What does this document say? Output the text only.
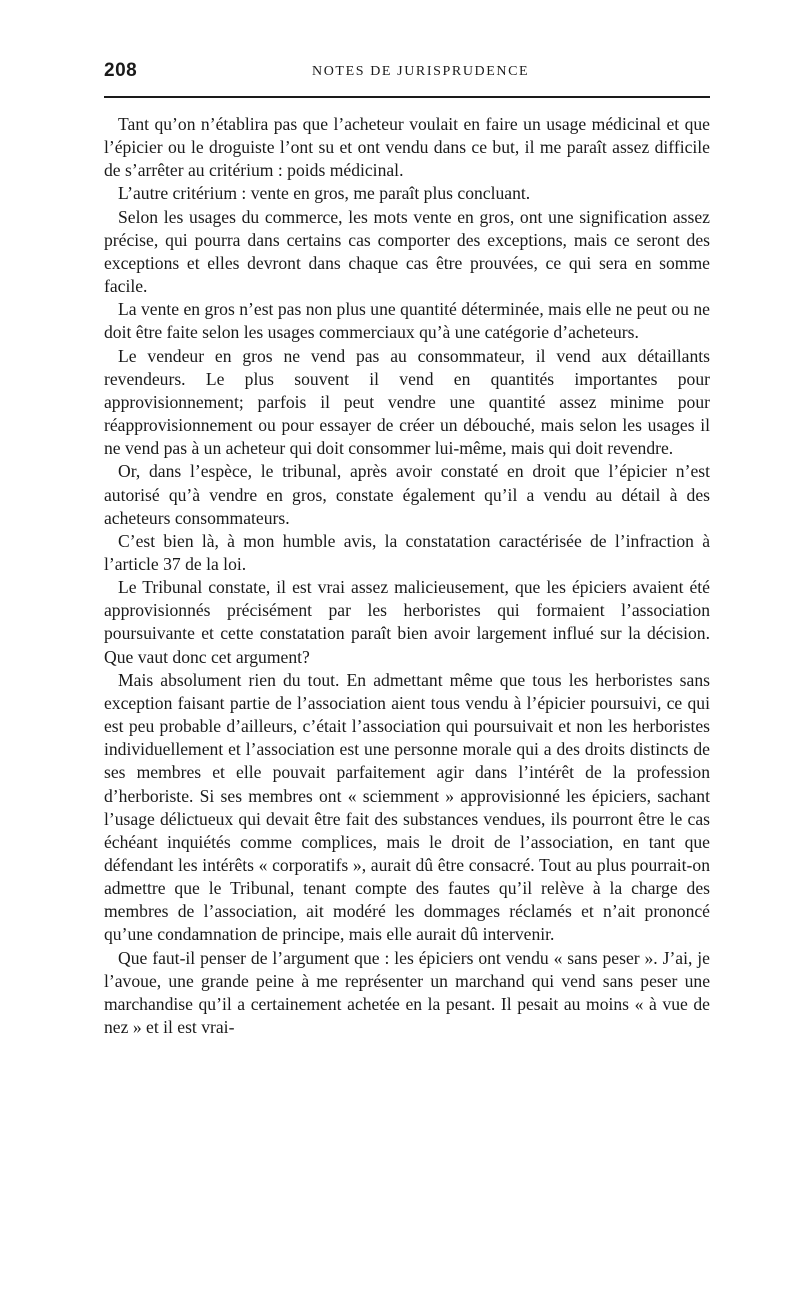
208	NOTES DE JURISPRUDENCE

Tant qu’on n’établira pas que l’acheteur voulait en faire un usage médicinal et que l’épicier ou le droguiste l’ont su et ont vendu dans ce but, il me paraît assez difficile de s’arrêter au critérium : poids médicinal.

L’autre critérium : vente en gros, me paraît plus concluant.

Selon les usages du commerce, les mots vente en gros, ont une signification assez précise, qui pourra dans certains cas comporter des exceptions, mais ce seront des exceptions et elles devront dans chaque cas être prouvées, ce qui sera en somme facile.

La vente en gros n’est pas non plus une quantité déterminée, mais elle ne peut ou ne doit être faite selon les usages commerciaux qu’à une catégorie d’acheteurs.

Le vendeur en gros ne vend pas au consommateur, il vend aux détaillants revendeurs. Le plus souvent il vend en quantités importantes pour approvisionnement; parfois il peut vendre une quantité assez minime pour réapprovisionnement ou pour essayer de créer un débouché, mais selon les usages il ne vend pas à un acheteur qui doit consommer lui-même, mais qui doit revendre.

Or, dans l’espèce, le tribunal, après avoir constaté en droit que l’épicier n’est autorisé qu’à vendre en gros, constate également qu’il a vendu au détail à des acheteurs consommateurs.

C’est bien là, à mon humble avis, la constatation caractérisée de l’infraction à l’article 37 de la loi.

Le Tribunal constate, il est vrai assez malicieusement, que les épiciers avaient été approvisionnés précisément par les herboristes qui formaient l’association poursuivante et cette constatation paraît bien avoir largement influé sur la décision. Que vaut donc cet argument?

Mais absolument rien du tout. En admettant même que tous les herboristes sans exception faisant partie de l’association aient tous vendu à l’épicier poursuivi, ce qui est peu probable d’ailleurs, c’était l’association qui poursuivait et non les herboristes individuellement et l’association est une personne morale qui a des droits distincts de ses membres et elle pouvait parfaitement agir dans l’intérêt de la profession d’herboriste. Si ses membres ont « sciemment » approvisionné les épiciers, sachant l’usage délictueux qui devait être fait des substances vendues, ils pourront être le cas échéant inquiétés comme complices, mais le droit de l’association, en tant que défendant les intérêts « corporatifs », aurait dû être consacré. Tout au plus pourrait-on admettre que le Tribunal, tenant compte des fautes qu’il relève à la charge des membres de l’association, ait modéré les dommages réclamés et n’ait prononcé qu’une condamnation de principe, mais elle aurait dû intervenir.

Que faut-il penser de l’argument que : les épiciers ont vendu « sans peser ». J’ai, je l’avoue, une grande peine à me représenter un marchand qui vend sans peser une marchandise qu’il a certainement achetée en la pesant. Il pesait au moins « à vue de nez » et il est vrai-
